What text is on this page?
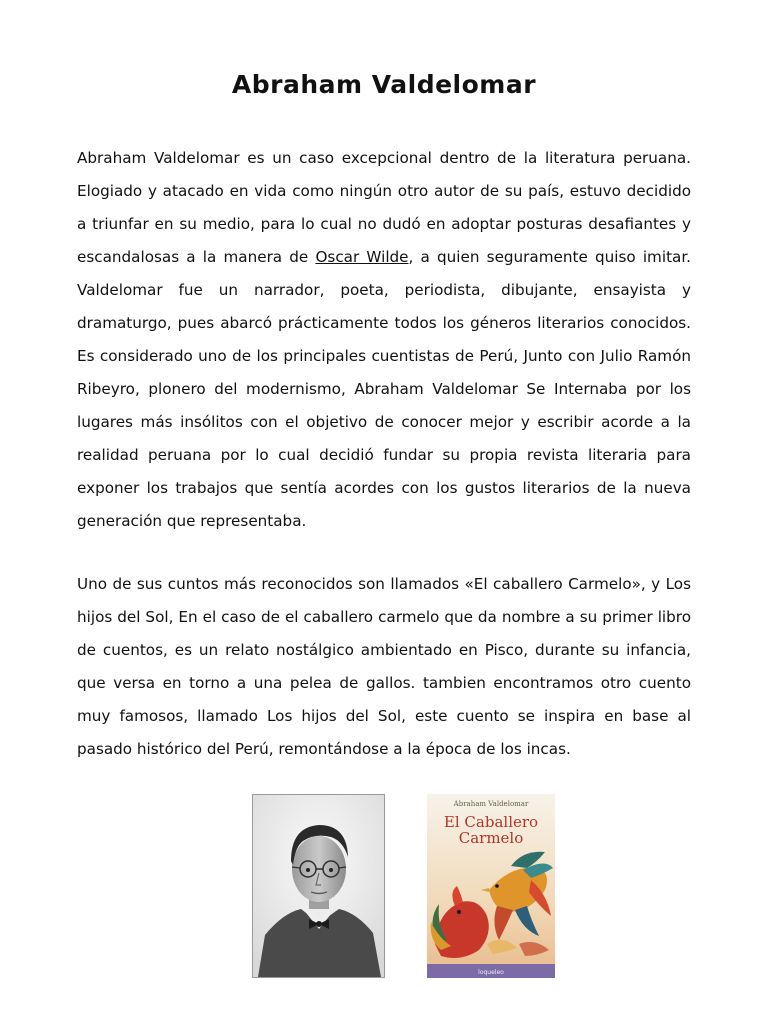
Abraham Valdelomar

Abraham Valdelomar es un caso excepcional dentro de la literatura peruana. Elogiado y atacado en vida como ningún otro autor de su país, estuvo decidido a triunfar en su medio, para lo cual no dudó en adoptar posturas desafiantes y escandalosas a la manera de Oscar Wilde, a quien seguramente quiso imitar. Valdelomar fue un narrador, poeta, periodista, dibujante, ensayista y dramaturgo, pues abarcó prácticamente todos los géneros literarios conocidos. Es considerado uno de los principales cuentistas de Perú, Junto con Julio Ramón Ribeyro, plonero del modernismo, Abraham Valdelomar Se Internaba por los lugares más insólitos con el objetivo de conocer mejor y escribir acorde a la realidad peruana por lo cual decidió fundar su propia revista literaria para exponer los trabajos que sentía acordes con los gustos literarios de la nueva generación que representaba.

Uno de sus cuntos más reconocidos son llamados «El caballero Carmelo», y Los hijos del Sol, En el caso de el caballero carmelo que da nombre a su primer libro de cuentos, es un relato nostálgico ambientado en Pisco, durante su infancia, que versa en torno a una pelea de gallos. tambien encontramos otro cuento muy famosos, llamado Los hijos del Sol, este cuento se inspira en base al pasado histórico del Perú, remontándose a la época de los incas.

Abraham Valdelomar
El Caballero
Carmelo
loqueleo
